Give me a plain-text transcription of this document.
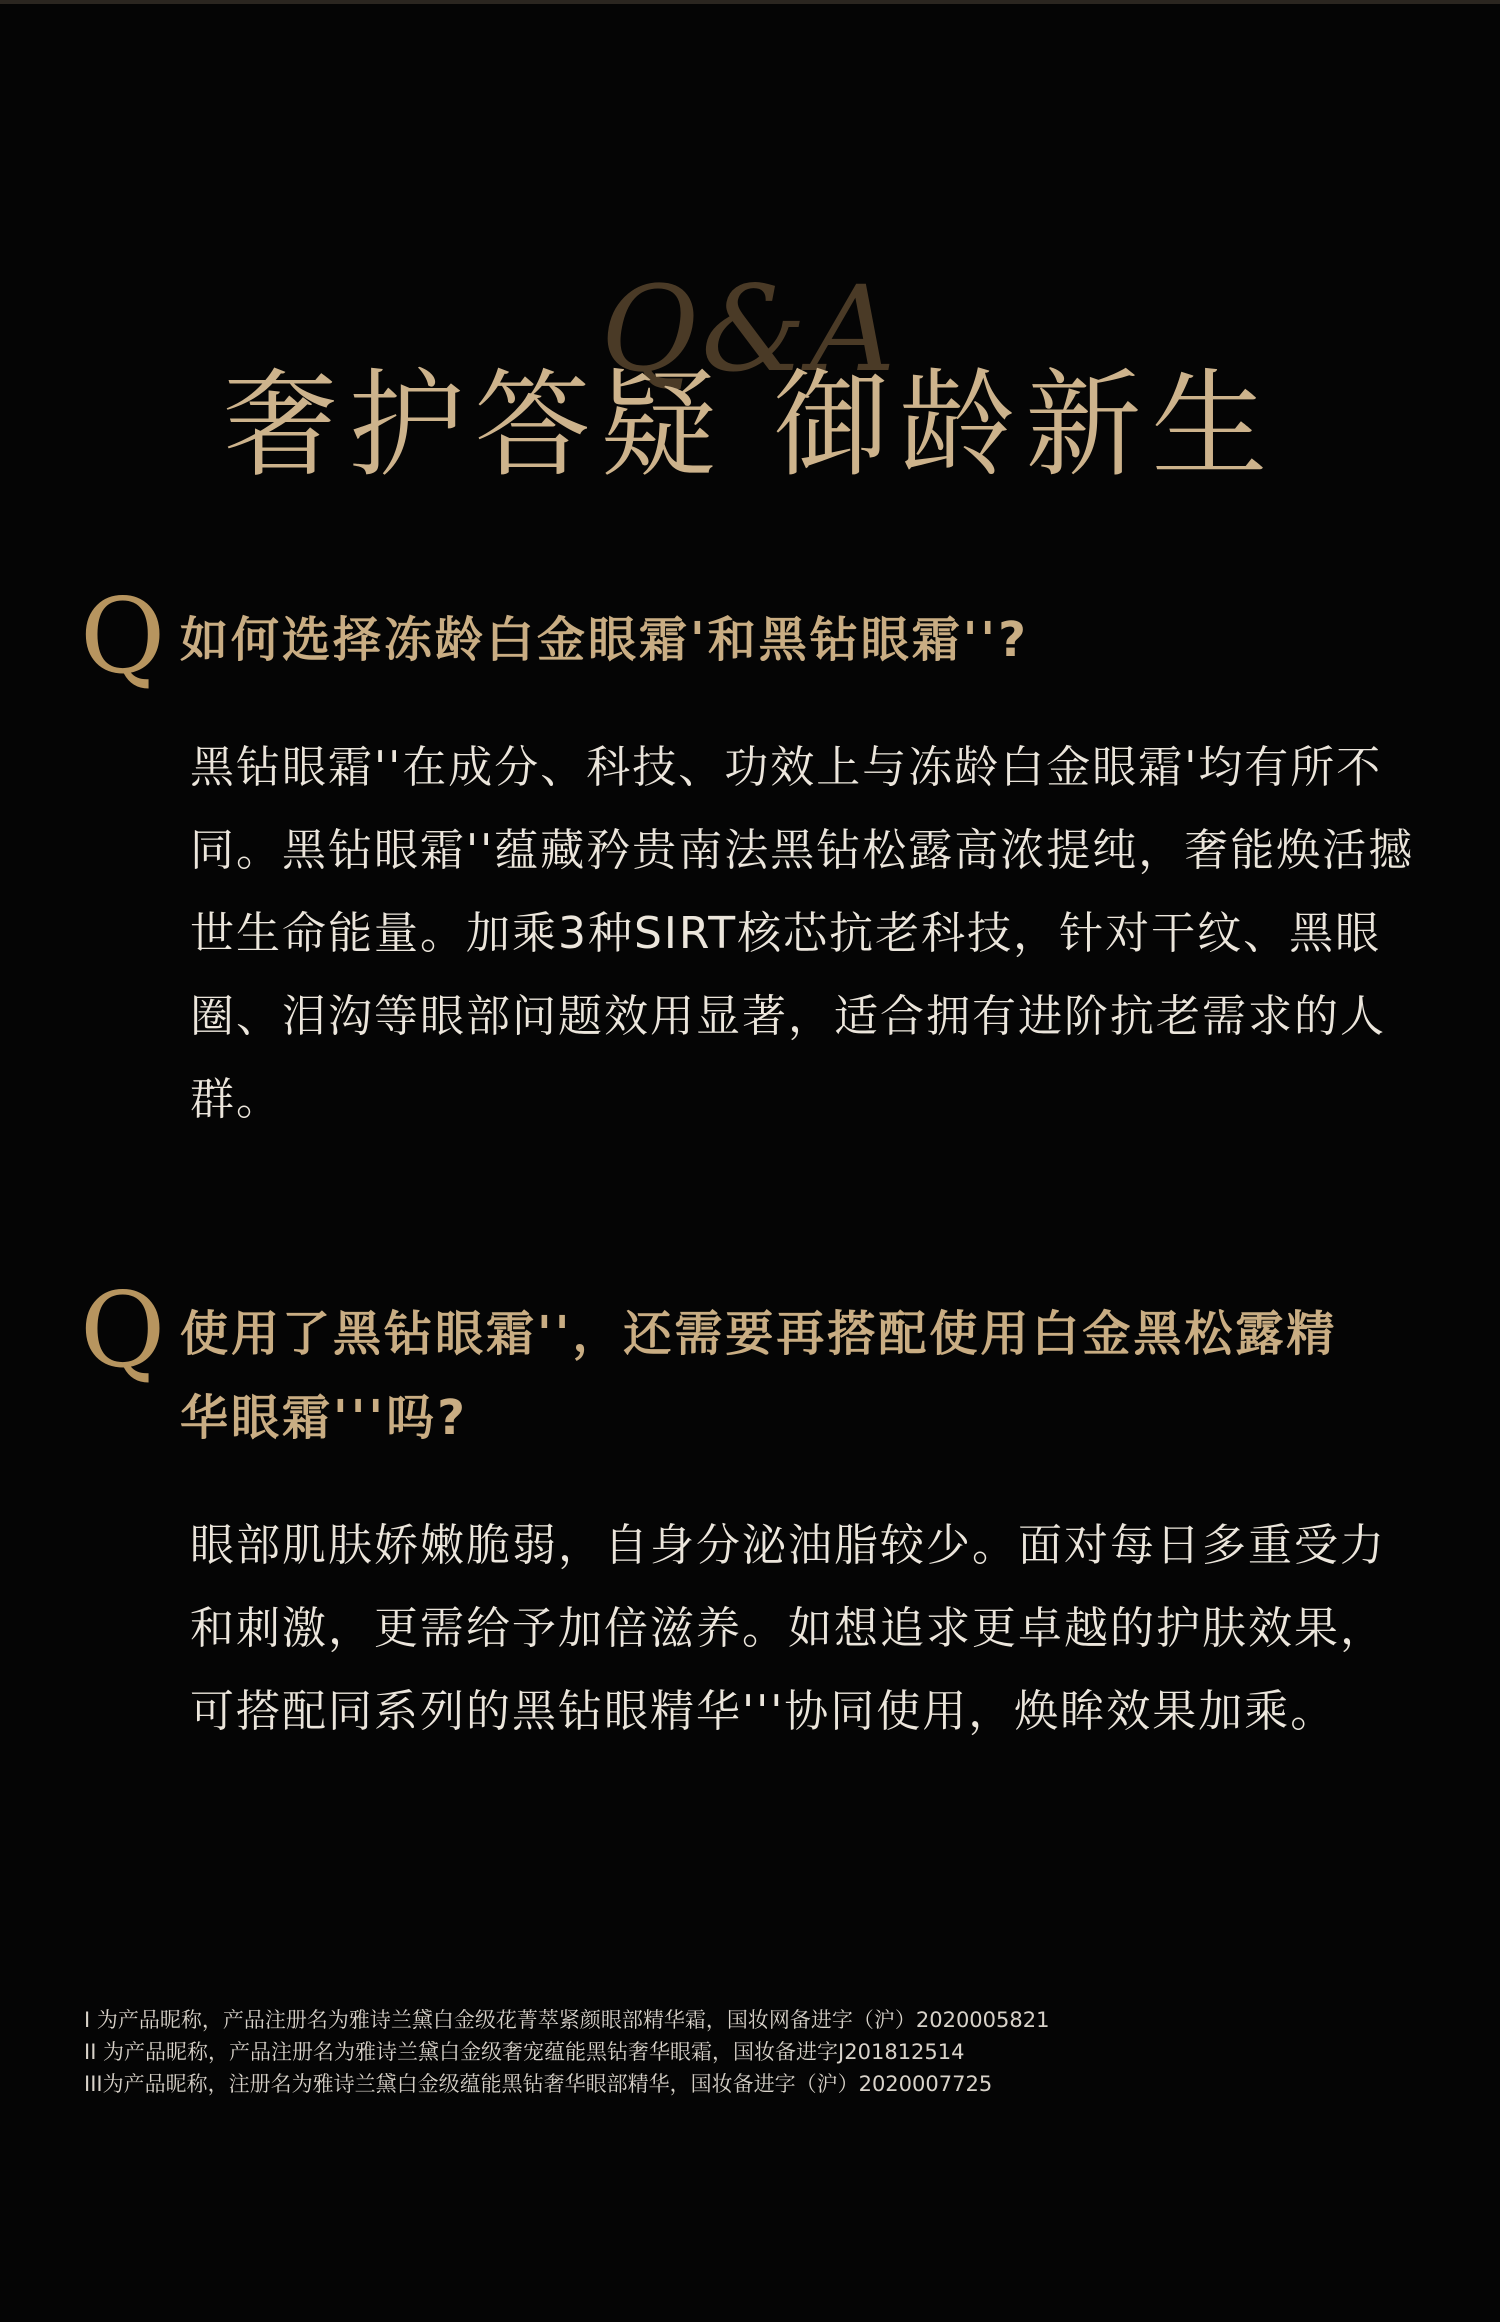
Q&A
奢护答疑 御龄新生
Q 如何选择冻龄白金眼霜'和黑钻眼霜''?
黑钻眼霜''在成分、科技、功效上与冻龄白金眼霜'均有所不同。黑钻眼霜''蕴藏矜贵南法黑钻松露高浓提纯，奢能焕活撼世生命能量。加乘3种SIRT核芯抗老科技，针对干纹、黑眼圈、泪沟等眼部问题效用显著，适合拥有进阶抗老需求的人群。
Q 使用了黑钻眼霜''，还需要再搭配使用白金黑松露精华眼霜'''吗?
眼部肌肤娇嫩脆弱，自身分泌油脂较少。面对每日多重受力和刺激，更需给予加倍滋养。如想追求更卓越的护肤效果，可搭配同系列的黑钻眼精华'''协同使用，焕眸效果加乘。
I 为产品昵称，产品注册名为雅诗兰黛白金级花菁萃紧颜眼部精华霜，国妆网备进字（沪）2020005821
II 为产品昵称，产品注册名为雅诗兰黛白金级奢宠蕴能黑钻奢华眼霜，国妆备进字J201812514
III为产品昵称，注册名为雅诗兰黛白金级蕴能黑钻奢华眼部精华，国妆备进字（沪）2020007725
